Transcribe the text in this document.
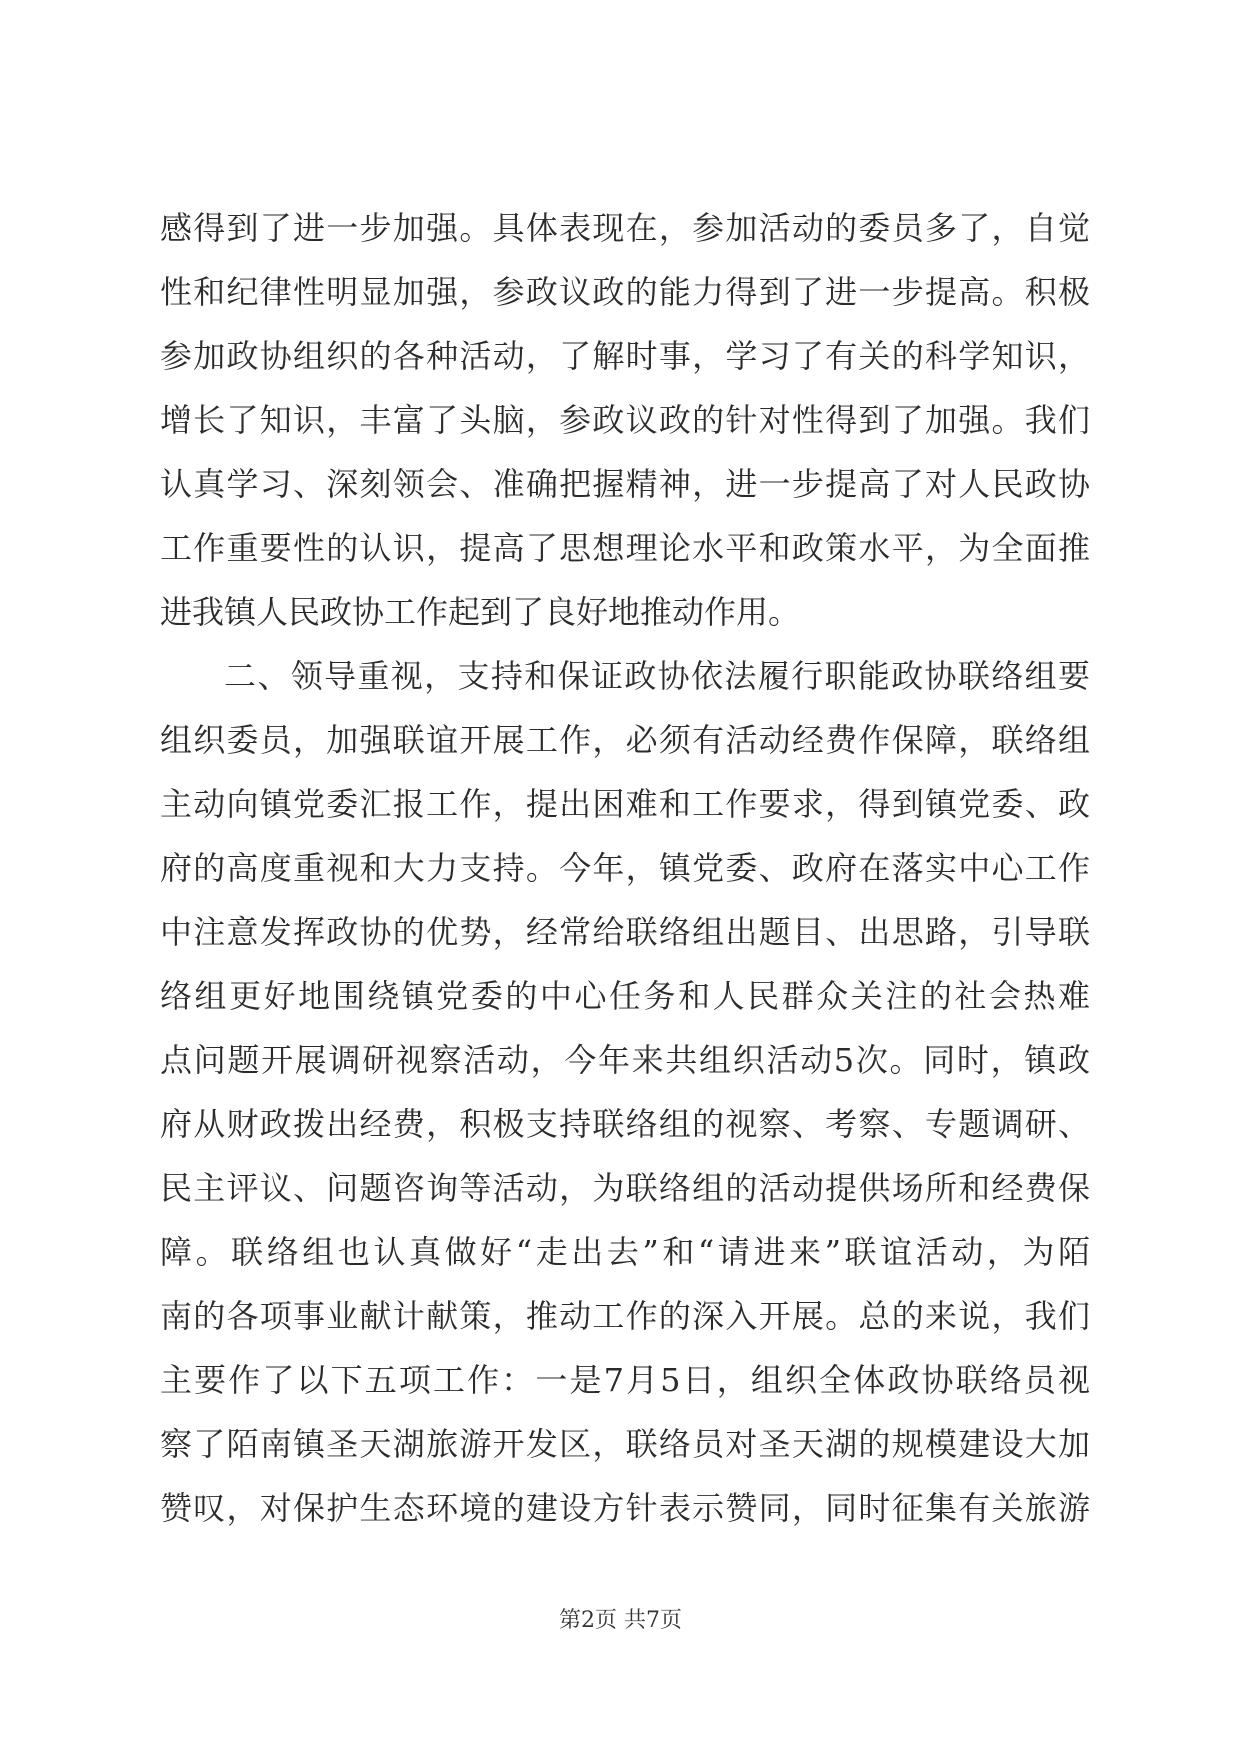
感得到了进一步加强。具体表现在，参加活动的委员多了，自觉
性和纪律性明显加强，参政议政的能力得到了进一步提高。积极
参加政协组织的各种活动，了解时事，学习了有关的科学知识，
增长了知识，丰富了头脑，参政议政的针对性得到了加强。我们
认真学习、深刻领会、准确把握精神，进一步提高了对人民政协
工作重要性的认识，提高了思想理论水平和政策水平，为全面推
进我镇人民政协工作起到了良好地推动作用。
二、领导重视，支持和保证政协依法履行职能政协联络组要
组织委员，加强联谊开展工作，必须有活动经费作保障，联络组
主动向镇党委汇报工作，提出困难和工作要求，得到镇党委、政
府的高度重视和大力支持。今年，镇党委、政府在落实中心工作
中注意发挥政协的优势，经常给联络组出题目、出思路，引导联
络组更好地围绕镇党委的中心任务和人民群众关注的社会热难
点问题开展调研视察活动，今年来共组织活动5次。同时，镇政
府从财政拨出经费，积极支持联络组的视察、考察、专题调研、
民主评议、问题咨询等活动，为联络组的活动提供场所和经费保
障。联络组也认真做好“走出去”和“请进来”联谊活动，为陌
南的各项事业献计献策，推动工作的深入开展。总的来说，我们
主要作了以下五项工作：一是7月5日，组织全体政协联络员视
察了陌南镇圣天湖旅游开发区，联络员对圣天湖的规模建设大加
赞叹，对保护生态环境的建设方针表示赞同，同时征集有关旅游
第2页 共7页
